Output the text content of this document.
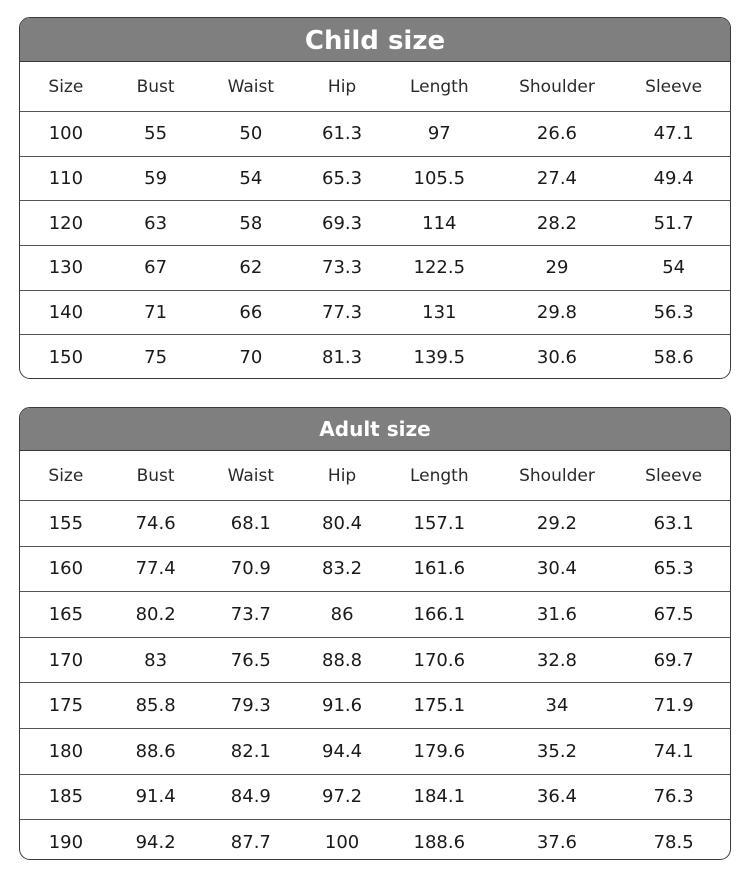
Child size
Size	Bust	Waist	Hip	Length	Shoulder	Sleeve
100	55	50	61.3	97	26.6	47.1
110	59	54	65.3	105.5	27.4	49.4
120	63	58	69.3	114	28.2	51.7
130	67	62	73.3	122.5	29	54
140	71	66	77.3	131	29.8	56.3
150	75	70	81.3	139.5	30.6	58.6
Adult size
Size	Bust	Waist	Hip	Length	Shoulder	Sleeve
155	74.6	68.1	80.4	157.1	29.2	63.1
160	77.4	70.9	83.2	161.6	30.4	65.3
165	80.2	73.7	86	166.1	31.6	67.5
170	83	76.5	88.8	170.6	32.8	69.7
175	85.8	79.3	91.6	175.1	34	71.9
180	88.6	82.1	94.4	179.6	35.2	74.1
185	91.4	84.9	97.2	184.1	36.4	76.3
190	94.2	87.7	100	188.6	37.6	78.5
